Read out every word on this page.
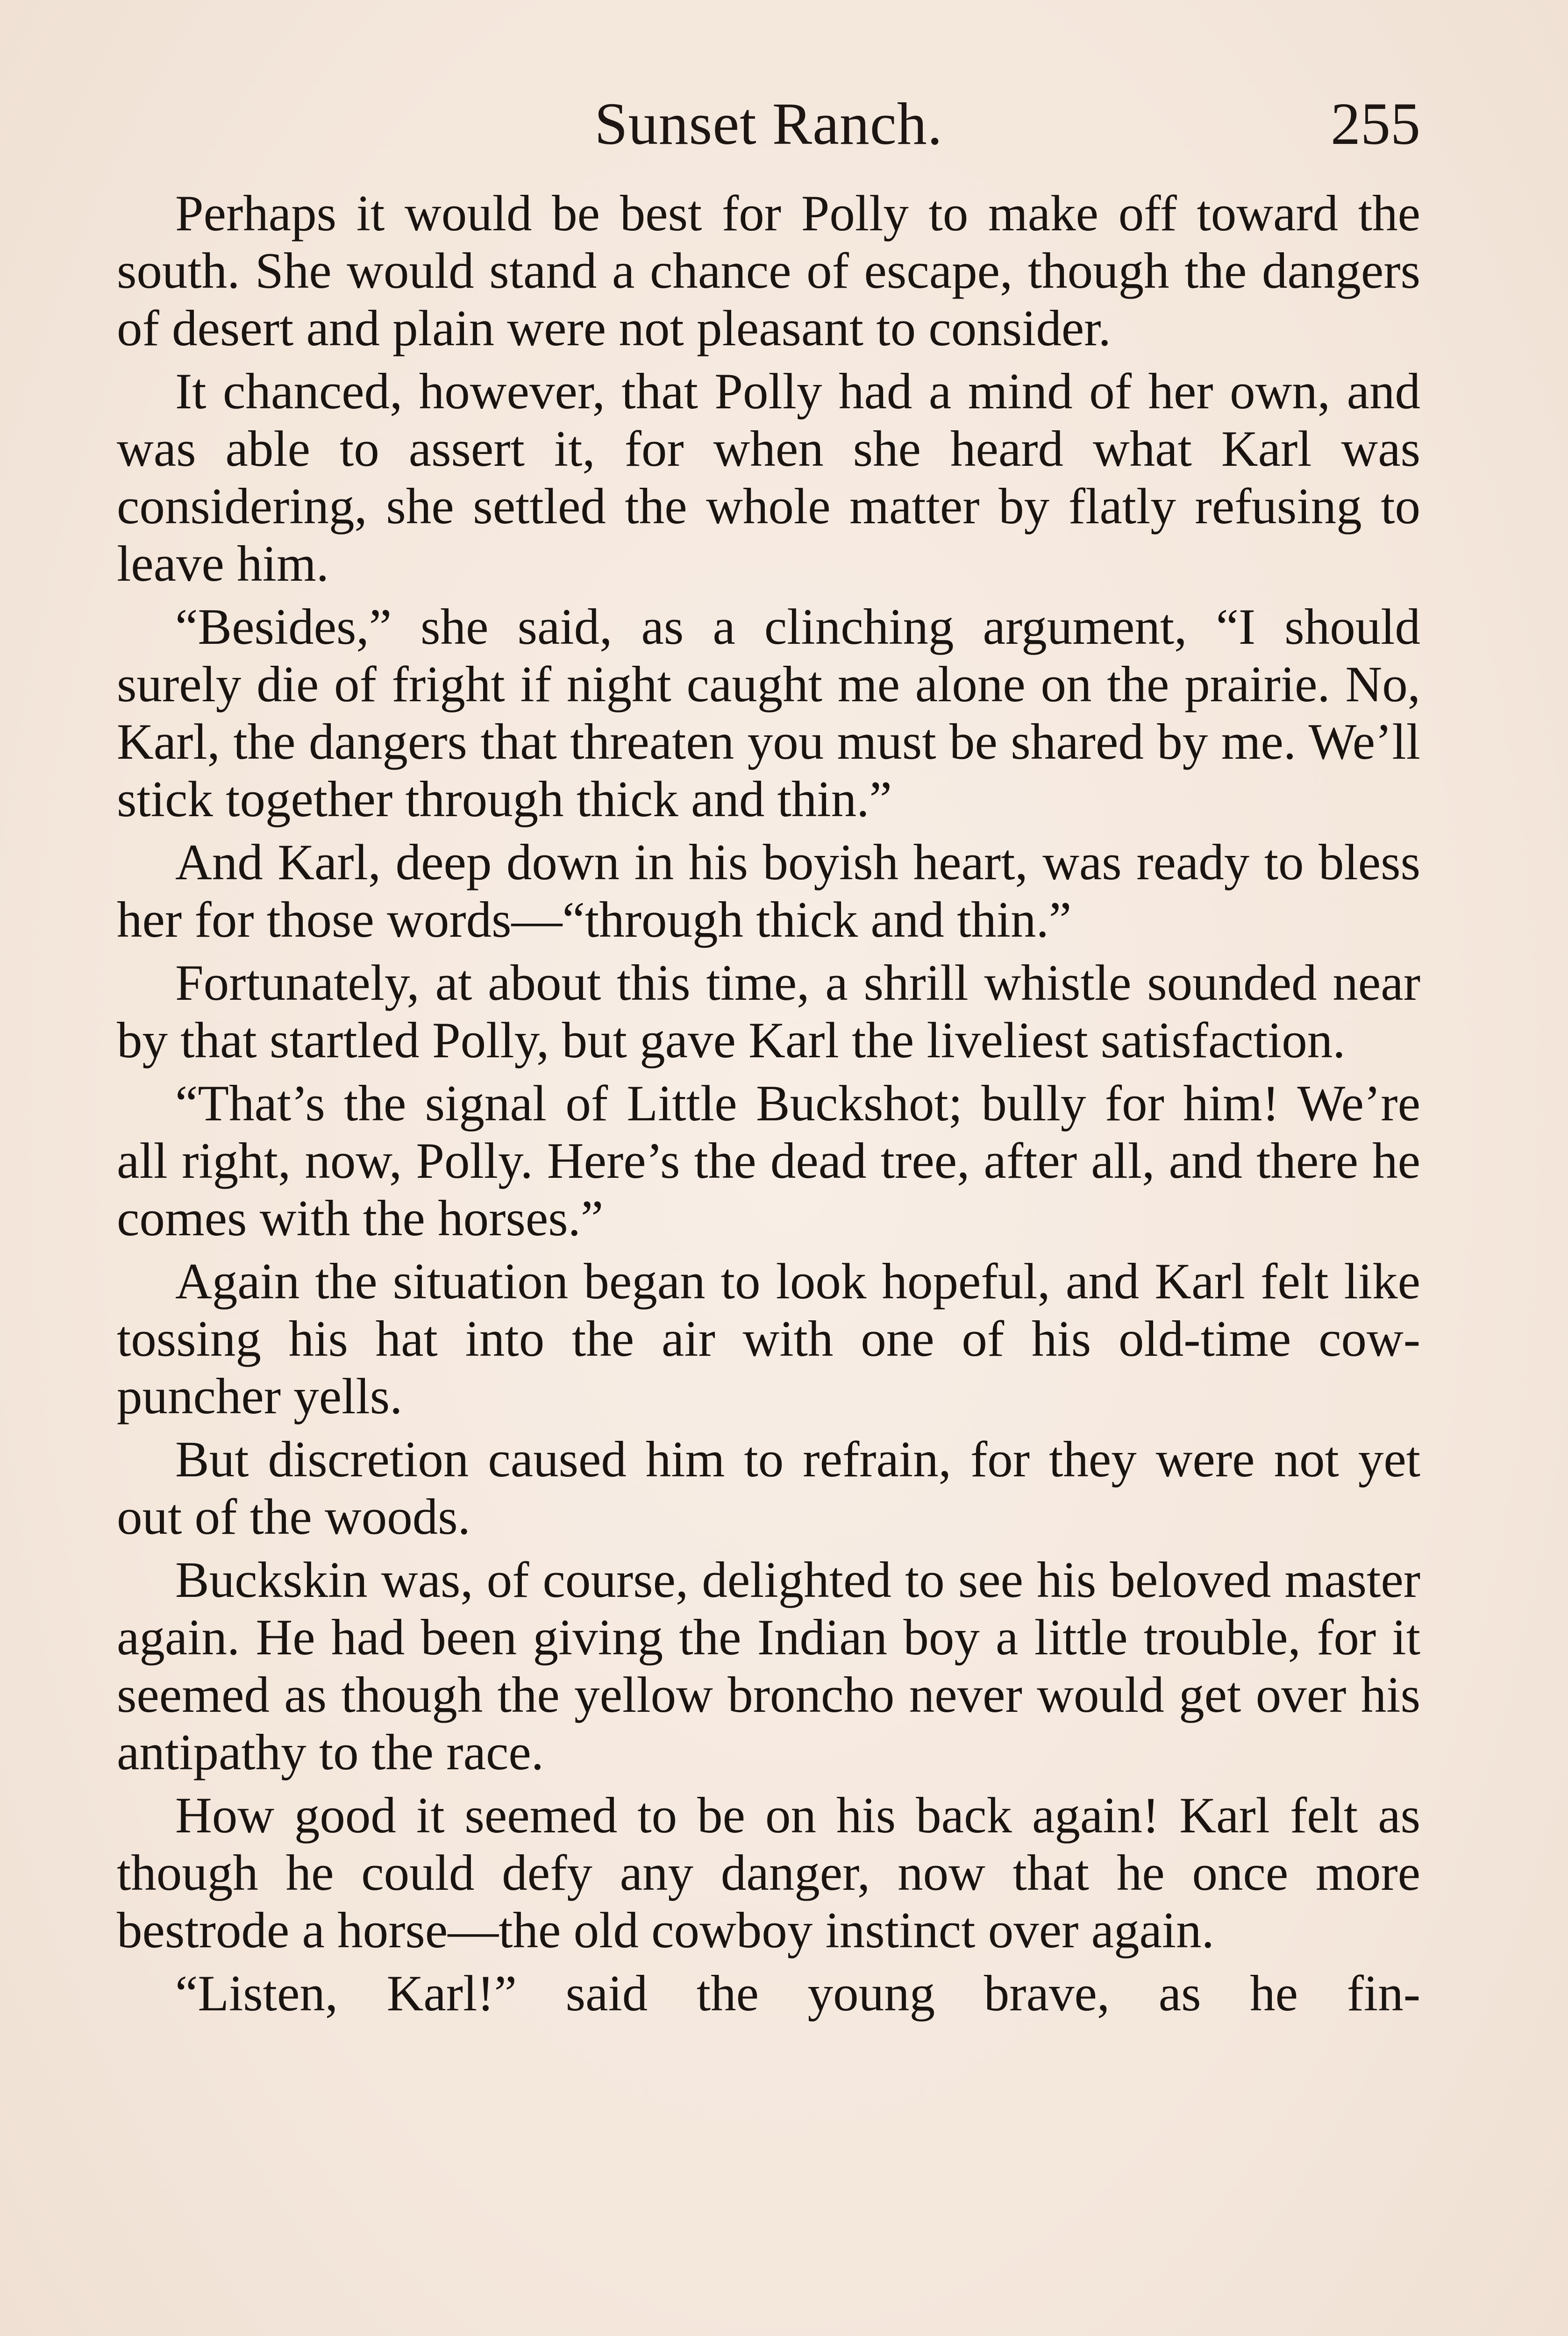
Sunset Ranch.	255

Perhaps it would be best for Polly to make off toward the south. She would stand a chance of escape, though the dangers of desert and plain were not pleasant to consider.

It chanced, however, that Polly had a mind of her own, and was able to assert it, for when she heard what Karl was considering, she settled the whole matter by flatly refusing to leave him.

“Besides,” she said, as a clinching argument, “I should surely die of fright if night caught me alone on the prairie. No, Karl, the dangers that threaten you must be shared by me. We’ll stick together through thick and thin.”

And Karl, deep down in his boyish heart, was ready to bless her for those words—“through thick and thin.”

Fortunately, at about this time, a shrill whistle sounded near by that startled Polly, but gave Karl the liveliest satisfaction.

“That’s the signal of Little Buckshot; bully for him! We’re all right, now, Polly. Here’s the dead tree, after all, and there he comes with the horses.”

Again the situation began to look hopeful, and Karl felt like tossing his hat into the air with one of his old-time cow-puncher yells.

But discretion caused him to refrain, for they were not yet out of the woods.

Buckskin was, of course, delighted to see his beloved master again. He had been giving the Indian boy a little trouble, for it seemed as though the yellow broncho never would get over his antipathy to the race.

How good it seemed to be on his back again! Karl felt as though he could defy any danger, now that he once more bestrode a horse—the old cowboy instinct over again.

“Listen, Karl!” said the young brave, as he fin-
